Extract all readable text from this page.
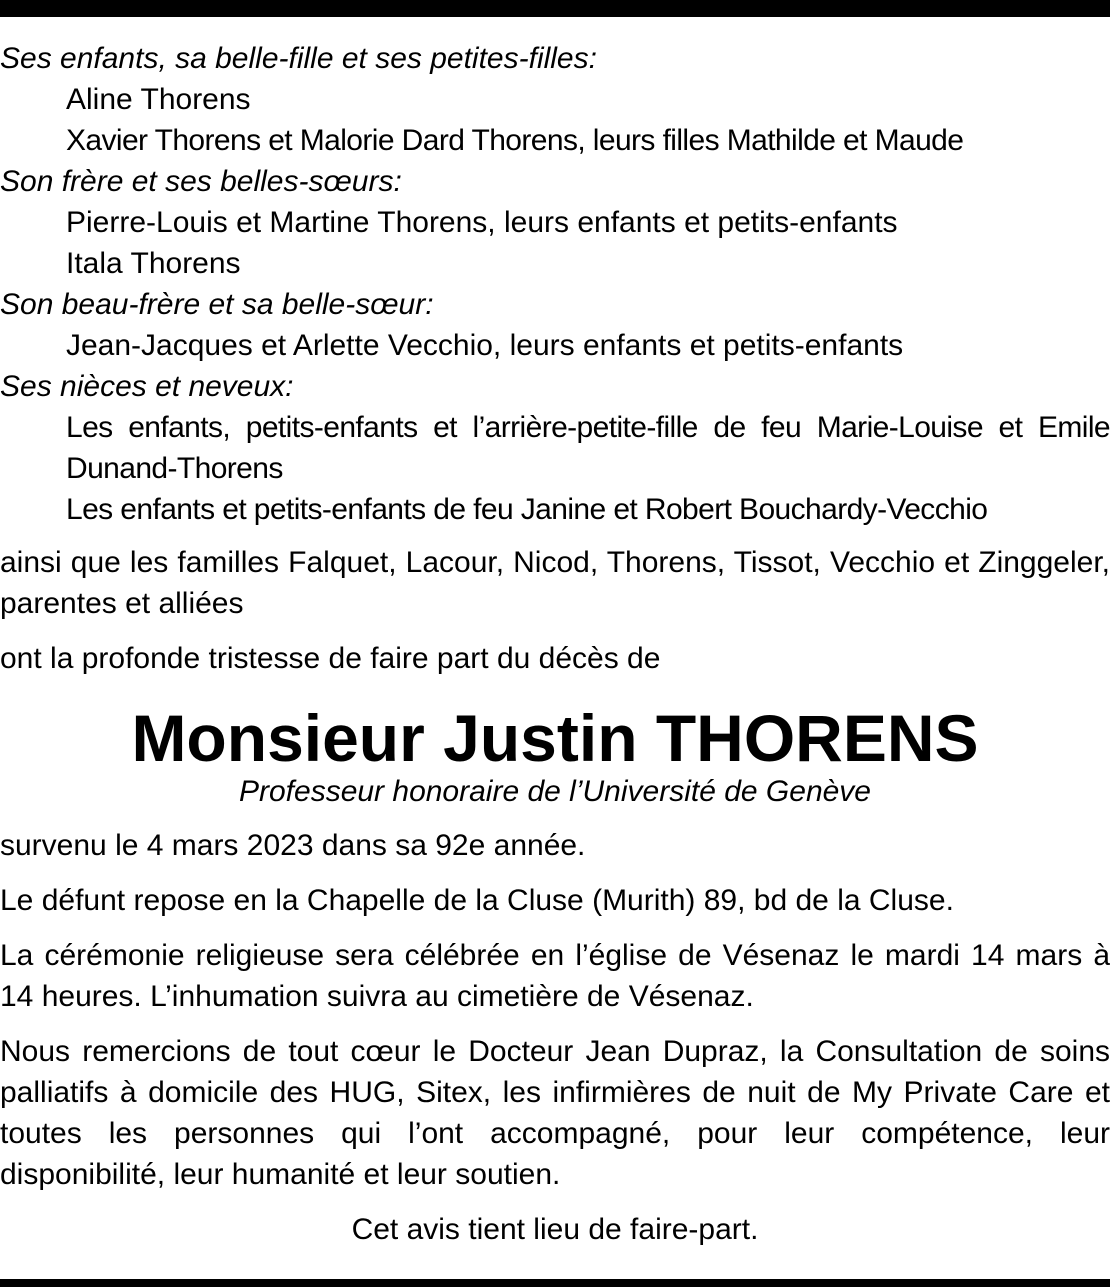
Ses enfants, sa belle-fille et ses petites-filles:
Aline Thorens
Xavier Thorens et Malorie Dard Thorens, leurs filles Mathilde et Maude
Son frère et ses belles-sœurs:
Pierre-Louis et Martine Thorens, leurs enfants et petits-enfants
Itala Thorens
Son beau-frère et sa belle-sœur:
Jean-Jacques et Arlette Vecchio, leurs enfants et petits-enfants
Ses nièces et neveux:
Les enfants, petits-enfants et l’arrière-petite-fille de feu Marie-Louise et Emile Dunand-Thorens
Les enfants et petits-enfants de feu Janine et Robert Bouchardy-Vecchio

ainsi que les familles Falquet, Lacour, Nicod, Thorens, Tissot, Vecchio et Zinggeler, parentes et alliées

ont la profonde tristesse de faire part du décès de

Monsieur Justin THORENS
Professeur honoraire de l’Université de Genève

survenu le 4 mars 2023 dans sa 92e année.

Le défunt repose en la Chapelle de la Cluse (Murith) 89, bd de la Cluse.

La cérémonie religieuse sera célébrée en l’église de Vésenaz le mardi 14 mars à 14 heures. L’inhumation suivra au cimetière de Vésenaz.

Nous remercions de tout cœur le Docteur Jean Dupraz, la Consultation de soins palliatifs à domicile des HUG, Sitex, les infirmières de nuit de My Private Care et toutes les personnes qui l’ont accompagné, pour leur compétence, leur disponibilité, leur humanité et leur soutien.

Cet avis tient lieu de faire-part.
